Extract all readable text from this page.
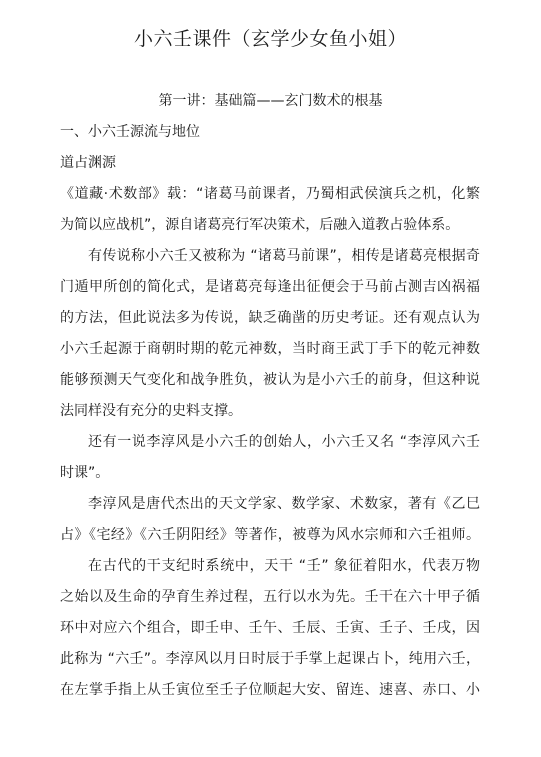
小六壬课件（玄学少女鱼小姐）
第一讲：基础篇——玄门数术的根基
一、小六壬源流与地位
道占渊源
《道藏·术数部》载：“诸葛马前课者，乃蜀相武侯演兵之机，化繁
为简以应战机”，源自诸葛亮行军决策术，后融入道教占验体系。
有传说称小六壬又被称为 “诸葛马前课”，相传是诸葛亮根据奇
门遁甲所创的简化式，是诸葛亮每逢出征便会于马前占测吉凶祸福
的方法，但此说法多为传说，缺乏确凿的历史考证。还有观点认为
小六壬起源于商朝时期的乾元神数，当时商王武丁手下的乾元神数
能够预测天气变化和战争胜负，被认为是小六壬的前身，但这种说
法同样没有充分的史料支撑。
还有一说李淳风是小六壬的创始人，小六壬又名 “李淳风六壬
时课”。
李淳风是唐代杰出的天文学家、数学家、术数家，著有《乙巳
占》《宅经》《六壬阴阳经》等著作，被尊为风水宗师和六壬祖师。
在古代的干支纪时系统中，天干 “壬” 象征着阳水，代表万物
之始以及生命的孕育生养过程，五行以水为先。壬干在六十甲子循
环中对应六个组合，即壬申、壬午、壬辰、壬寅、壬子、壬戌，因
此称为 “六壬”。李淳风以月日时辰于手掌上起课占卜，纯用六壬，
在左掌手指上从壬寅位至壬子位顺起大安、留连、速喜、赤口、小
